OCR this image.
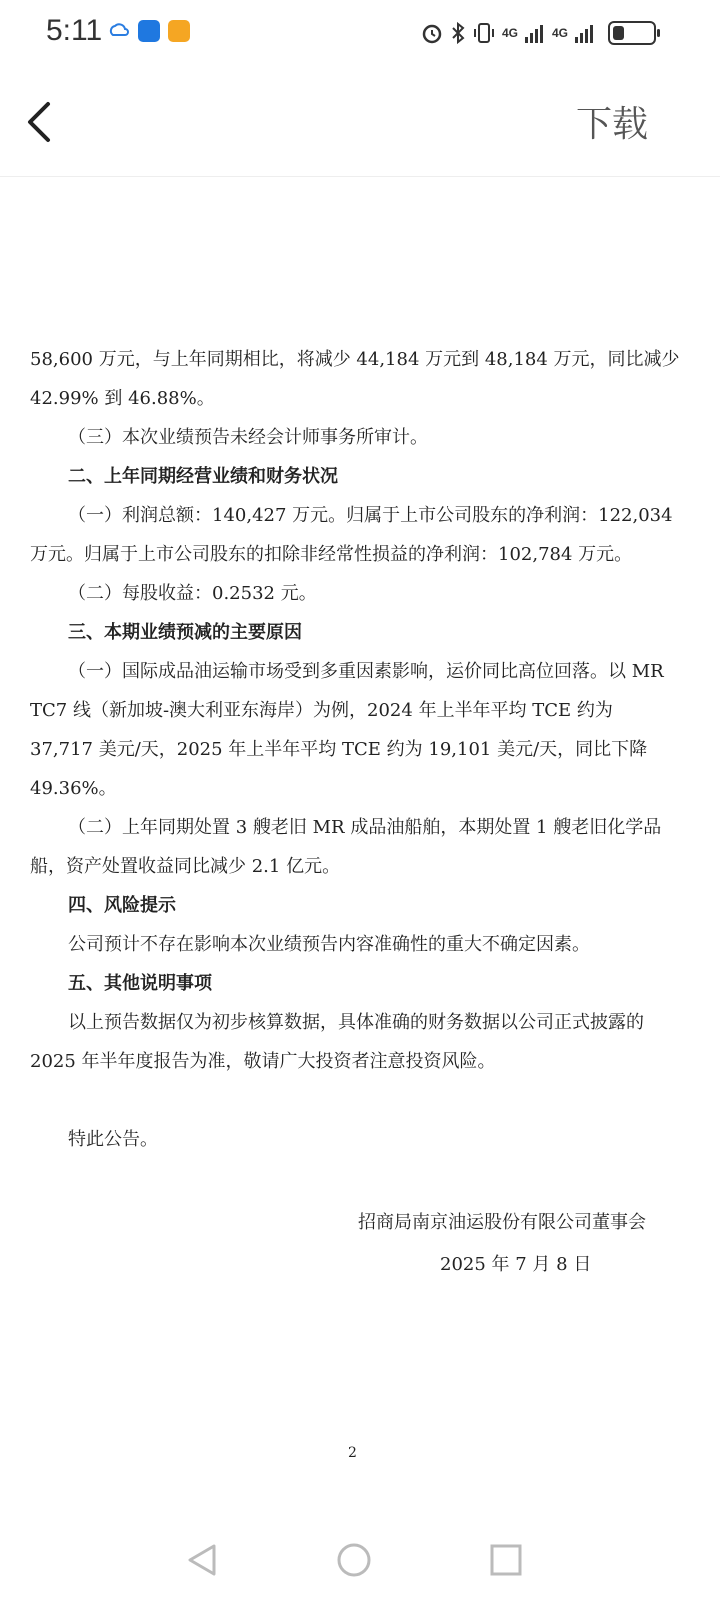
5:11	4G	4G
下载

58,600 万元，与上年同期相比，将减少 44,184 万元到 48,184 万元，同比减少 42.99% 到 46.88%。

（三）本次业绩预告未经会计师事务所审计。

二、上年同期经营业绩和财务状况

（一）利润总额：140,427 万元。归属于上市公司股东的净利润：122,034 万元。归属于上市公司股东的扣除非经常性损益的净利润：102,784 万元。

（二）每股收益：0.2532 元。

三、本期业绩预减的主要原因

（一）国际成品油运输市场受到多重因素影响，运价同比高位回落。以 MR TC7 线（新加坡-澳大利亚东海岸）为例，2024 年上半年平均 TCE 约为 37,717 美元/天，2025 年上半年平均 TCE 约为 19,101 美元/天，同比下降 49.36%。

（二）上年同期处置 3 艘老旧 MR 成品油船舶，本期处置 1 艘老旧化学品船，资产处置收益同比减少 2.1 亿元。

四、风险提示

公司预计不存在影响本次业绩预告内容准确性的重大不确定因素。

五、其他说明事项

以上预告数据仅为初步核算数据，具体准确的财务数据以公司正式披露的 2025 年半年度报告为准，敬请广大投资者注意投资风险。

特此公告。

招商局南京油运股份有限公司董事会
2025 年 7 月 8 日
2
